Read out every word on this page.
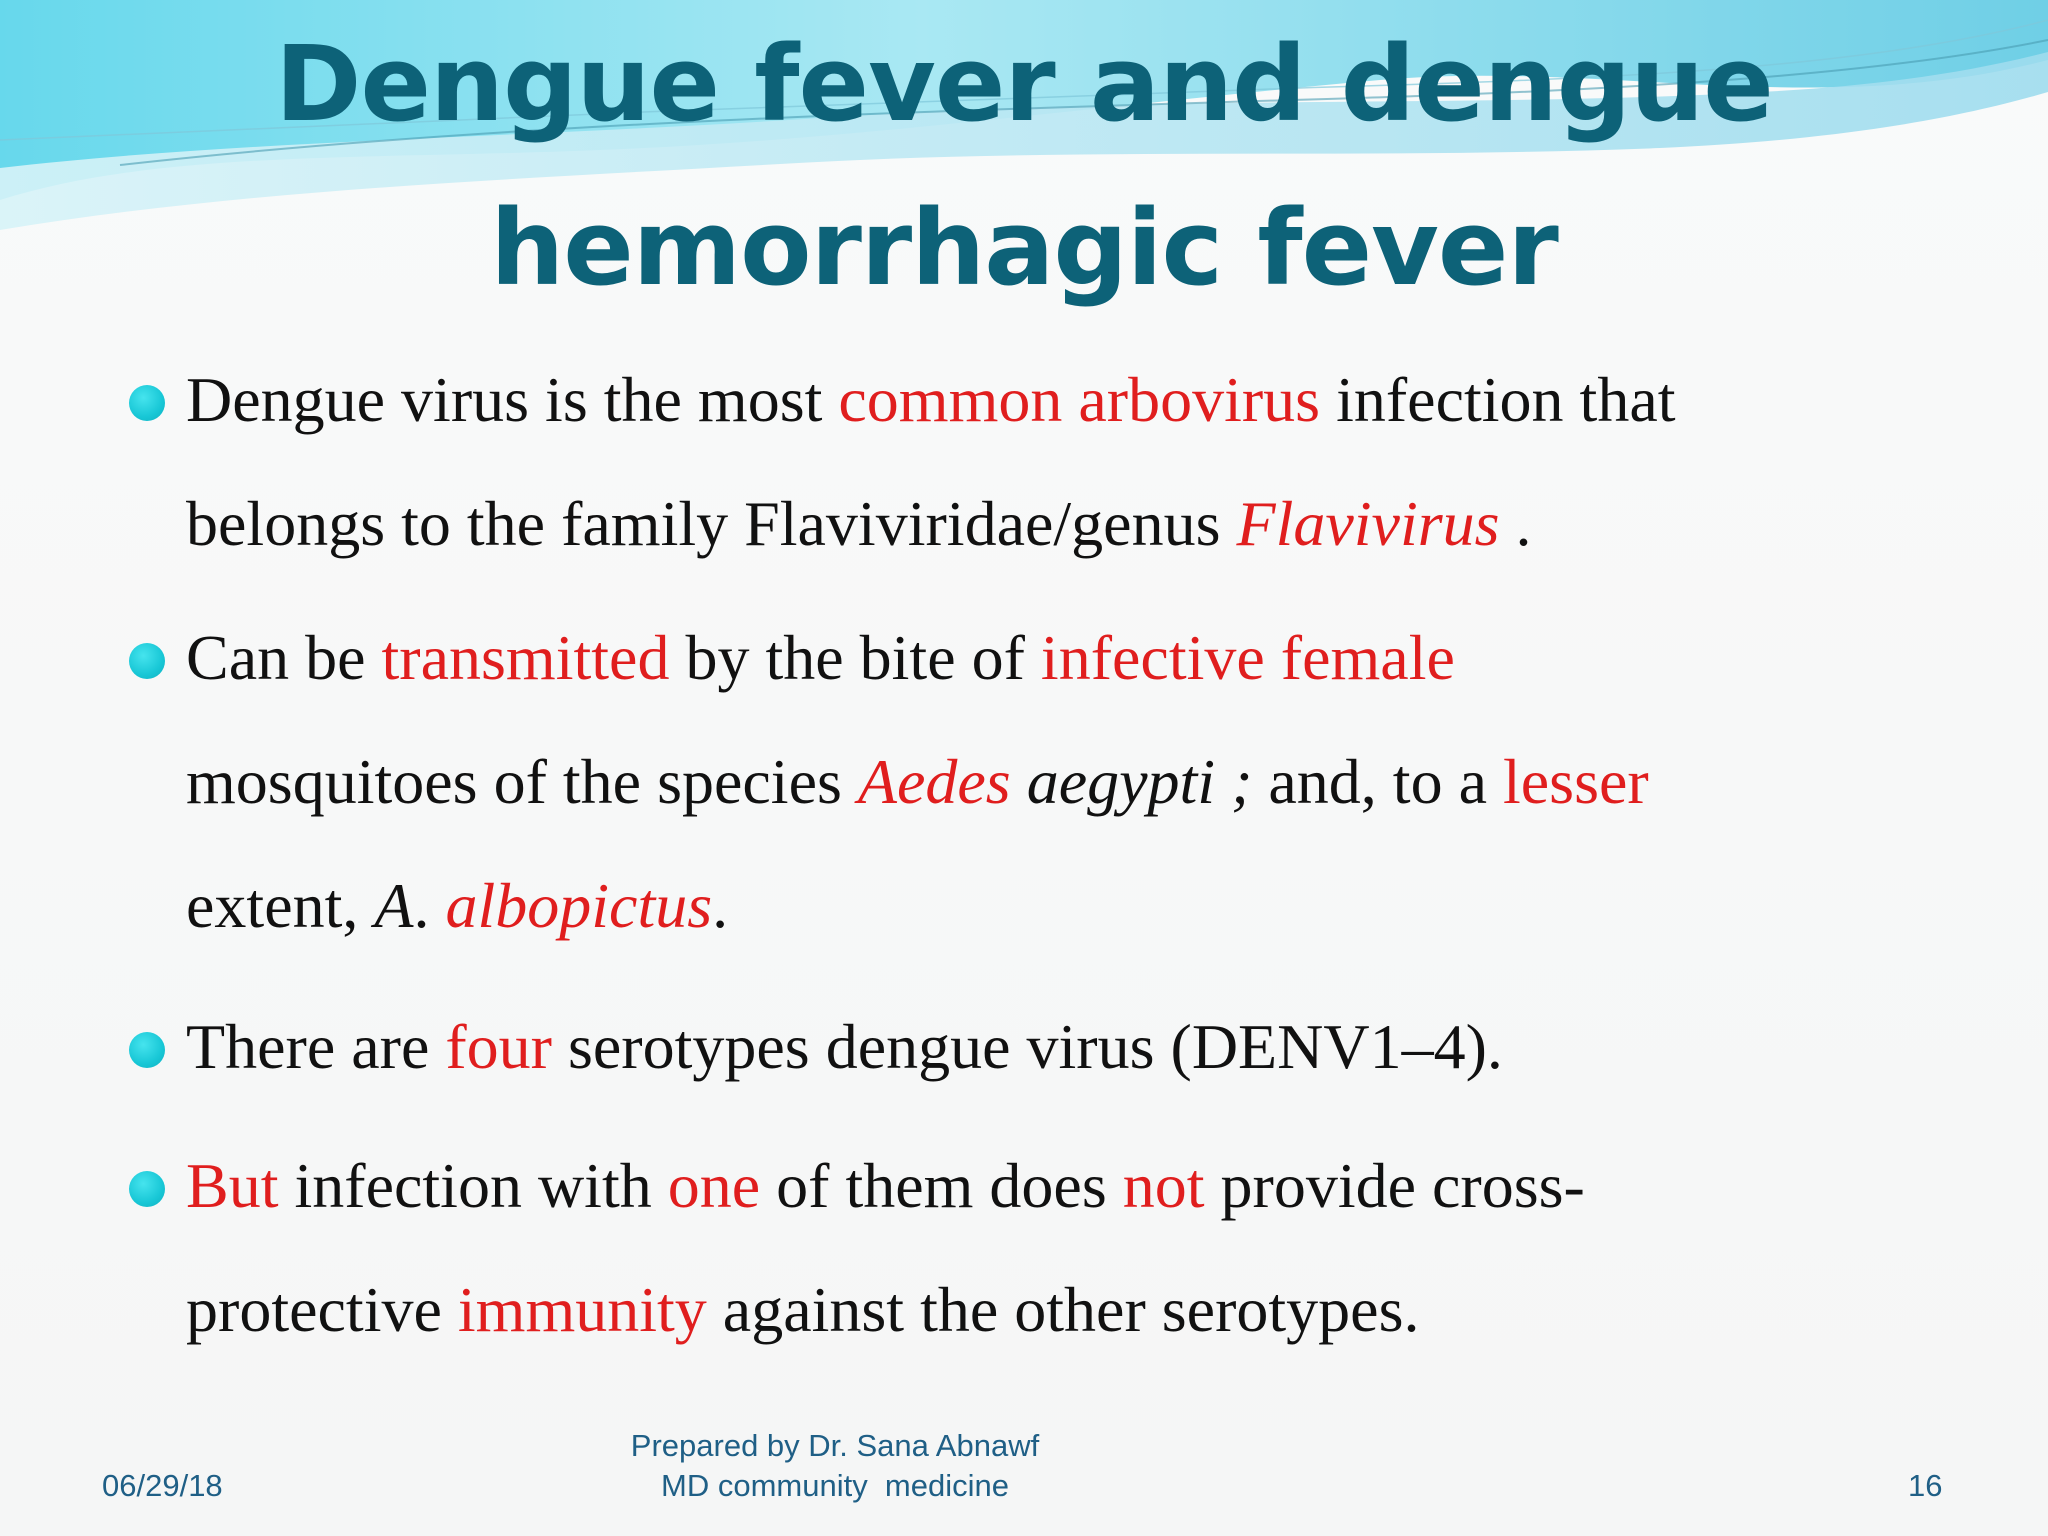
Dengue fever and dengue
hemorrhagic fever
Dengue virus is the most common arbovirus infection that
belongs to the family Flaviviridae/genus Flavivirus .
Can be transmitted by the bite of infective female
mosquitoes of the species Aedes aegypti ; and, to a lesser
extent, A. albopictus.
There are four serotypes dengue virus (DENV1–4).
But infection with one of them does not provide cross-
protective immunity against the other serotypes.
06/29/18
Prepared by Dr. Sana Abnawf
MD community  medicine	16
